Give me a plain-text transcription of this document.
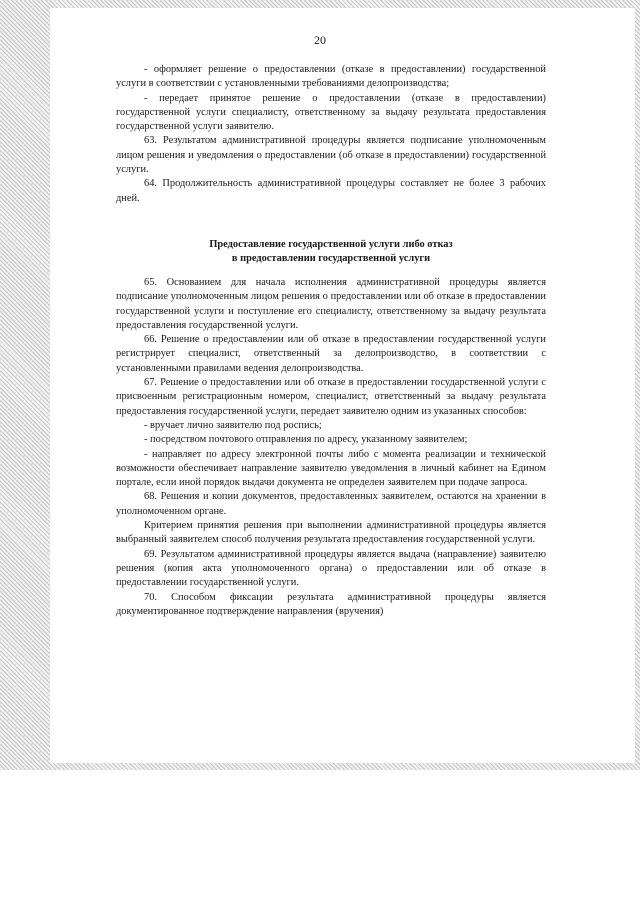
20

- оформляет решение о предоставлении (отказе в предоставлении) государственной услуги в соответствии с установленными требованиями делопроизводства;

- передает принятое решение о предоставлении (отказе в предоставлении) государственной услуги специалисту, ответственному за выдачу результата предоставления государственной услуги заявителю.

63. Результатом административной процедуры является подписание уполномоченным лицом решения и уведомления о предоставлении (об отказе в предоставлении) государственной услуги.

64. Продолжительность административной процедуры составляет не более 3 рабочих дней.

Предоставление государственной услуги либо отказ
в предоставлении государственной услуги

65. Основанием для начала исполнения административной процедуры является подписание уполномоченным лицом решения о предоставлении или об отказе в предоставлении государственной услуги и поступление его специалисту, ответственному за выдачу результата предоставления государственной услуги.

66. Решение о предоставлении или об отказе в предоставлении государственной услуги регистрирует специалист, ответственный за делопроизводство, в соответствии с установленными правилами ведения делопроизводства.

67. Решение о предоставлении или об отказе в предоставлении государственной услуги с присвоенным регистрационным номером, специалист, ответственный за выдачу результата предоставления государственной услуги, передает заявителю одним из указанных способов:

- вручает лично заявителю под роспись;

- посредством почтового отправления по адресу, указанному заявителем;

- направляет по адресу электронной почты либо с момента реализации и технической возможности обеспечивает направление заявителю уведомления в личный кабинет на Едином портале, если иной порядок выдачи документа не определен заявителем при подаче запроса.

68. Решения и копии документов, предоставленных заявителем, остаются на хранении в уполномоченном органе.

Критерием принятия решения при выполнении административной процедуры является выбранный заявителем способ получения результата предоставления государственной услуги.

69. Результатом административной процедуры является выдача (направление) заявителю решения (копия акта уполномоченного органа) о предоставлении или об отказе в предоставлении государственной услуги.

70. Способом фиксации результата административной процедуры является документированное подтверждение направления (вручения)
